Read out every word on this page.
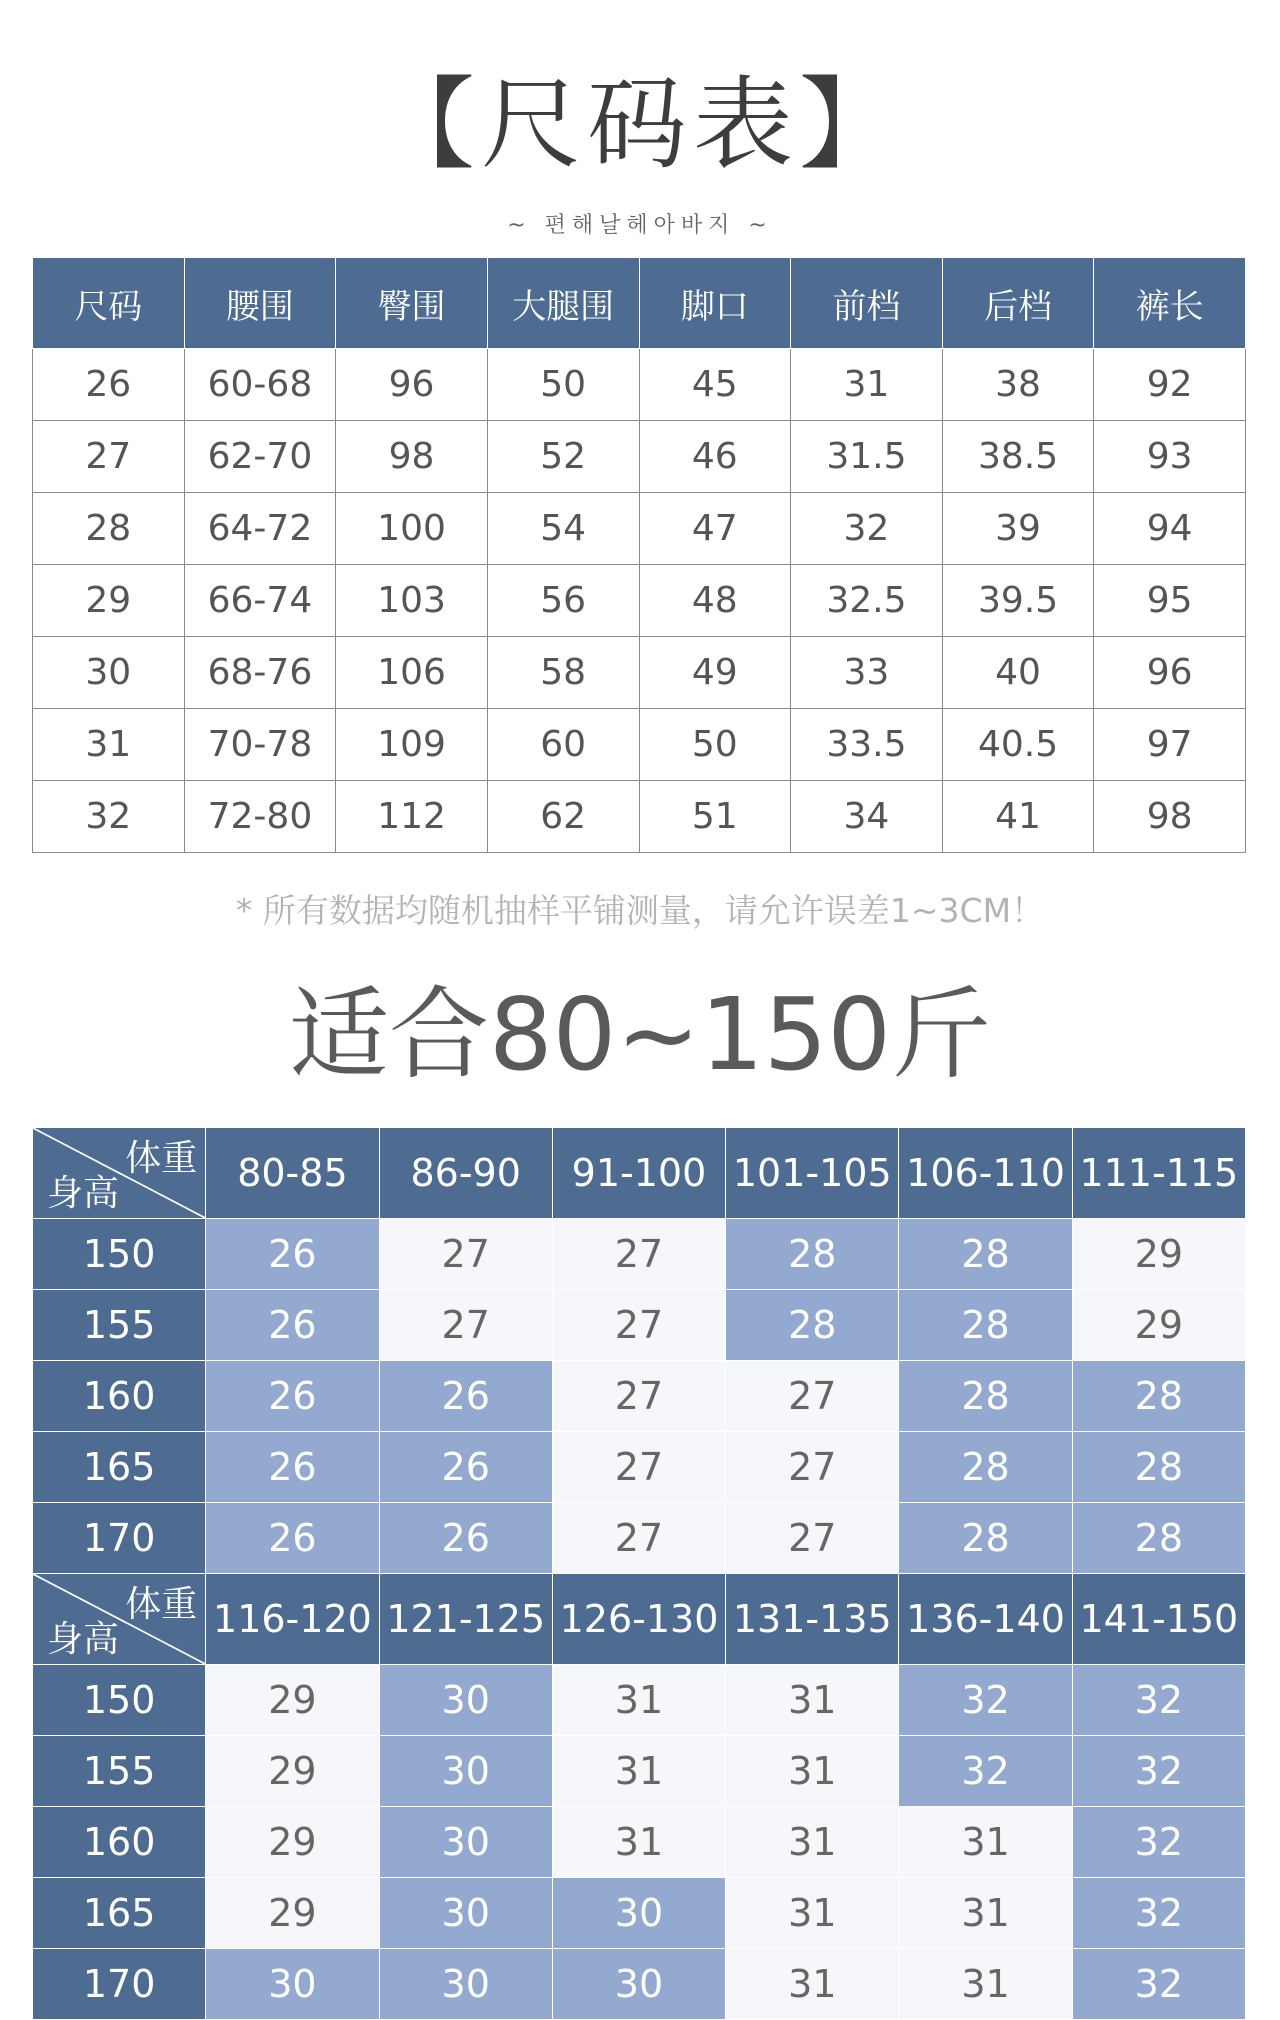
【尺码表】
~ 편해날헤아바지 ~
尺码	腰围	臀围	大腿围	脚口	前档	后档	裤长
26	60-68	96	50	45	31	38	92
27	62-70	98	52	46	31.5	38.5	93
28	64-72	100	54	47	32	39	94
29	66-74	103	56	48	32.5	39.5	95
30	68-76	106	58	49	33	40	96
31	70-78	109	60	50	33.5	40.5	97
32	72-80	112	62	51	34	41	98
* 所有数据均随机抽样平铺测量，请允许误差1~3CM！
适合80~150斤
体重
身高	80-85	86-90	91-100	101-105	106-110	111-115
150	26	27	27	28	28	29
155	26	27	27	28	28	29
160	26	26	27	27	28	28
165	26	26	27	27	28	28
170	26	26	27	27	28	28

体重
身高	116-120	121-125	126-130	131-135	136-140	141-150
150	29	30	31	31	32	32
155	29	30	31	31	32	32
160	29	30	31	31	31	32
165	29	30	30	31	31	32
170	30	30	30	31	31	32
